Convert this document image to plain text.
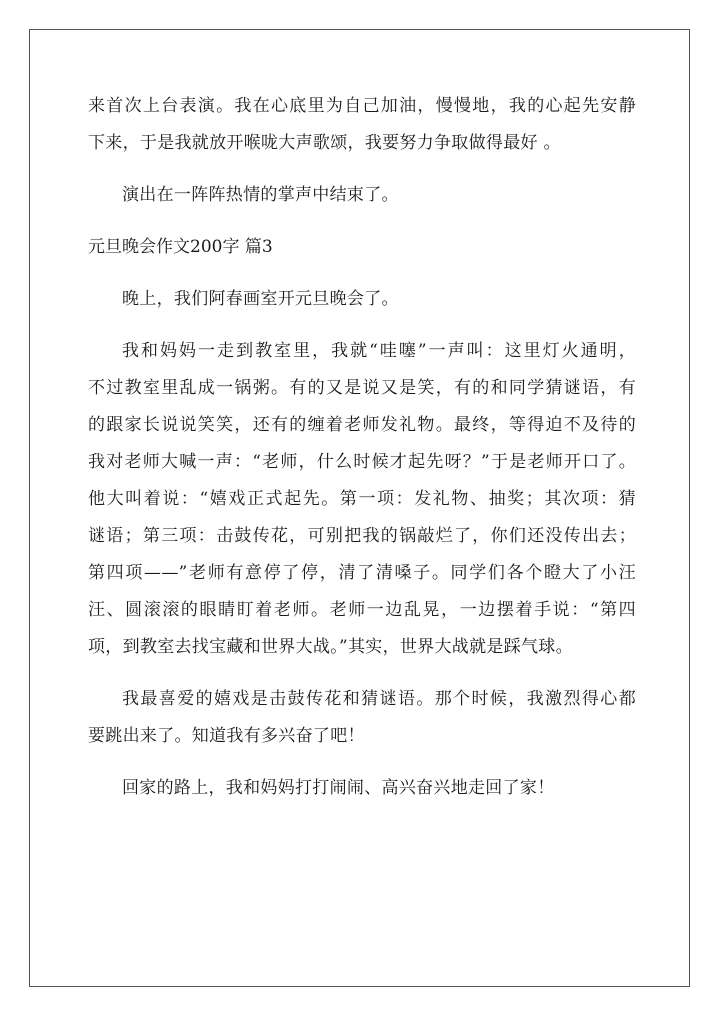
来首次上台表演。我在心底里为自己加油，慢慢地，我的心起先安静
下来，于是我就放开喉咙大声歌颂，我要努力争取做得最好 。
演出在一阵阵热情的掌声中结束了。
元旦晚会作文200字 篇3
晚上，我们阿春画室开元旦晚会了。
我和妈妈一走到教室里，我就“哇噻”一声叫：这里灯火通明，
不过教室里乱成一锅粥。有的又是说又是笑，有的和同学猜谜语，有
的跟家长说说笑笑，还有的缠着老师发礼物。最终，等得迫不及待的
我对老师大喊一声：“老师，什么时候才起先呀？”于是老师开口了。
他大叫着说：“嬉戏正式起先。第一项：发礼物、抽奖；其次项：猜
谜语；第三项：击鼓传花，可别把我的锅敲烂了，你们还没传出去；
第四项——”老师有意停了停，清了清嗓子。同学们各个瞪大了小汪
汪、圆滚滚的眼睛盯着老师。老师一边乱晃，一边摆着手说：“第四
项，到教室去找宝藏和世界大战。”其实，世界大战就是踩气球。
我最喜爱的嬉戏是击鼓传花和猜谜语。那个时候，我激烈得心都
要跳出来了。知道我有多兴奋了吧！
回家的路上，我和妈妈打打闹闹、高兴奋兴地走回了家！
